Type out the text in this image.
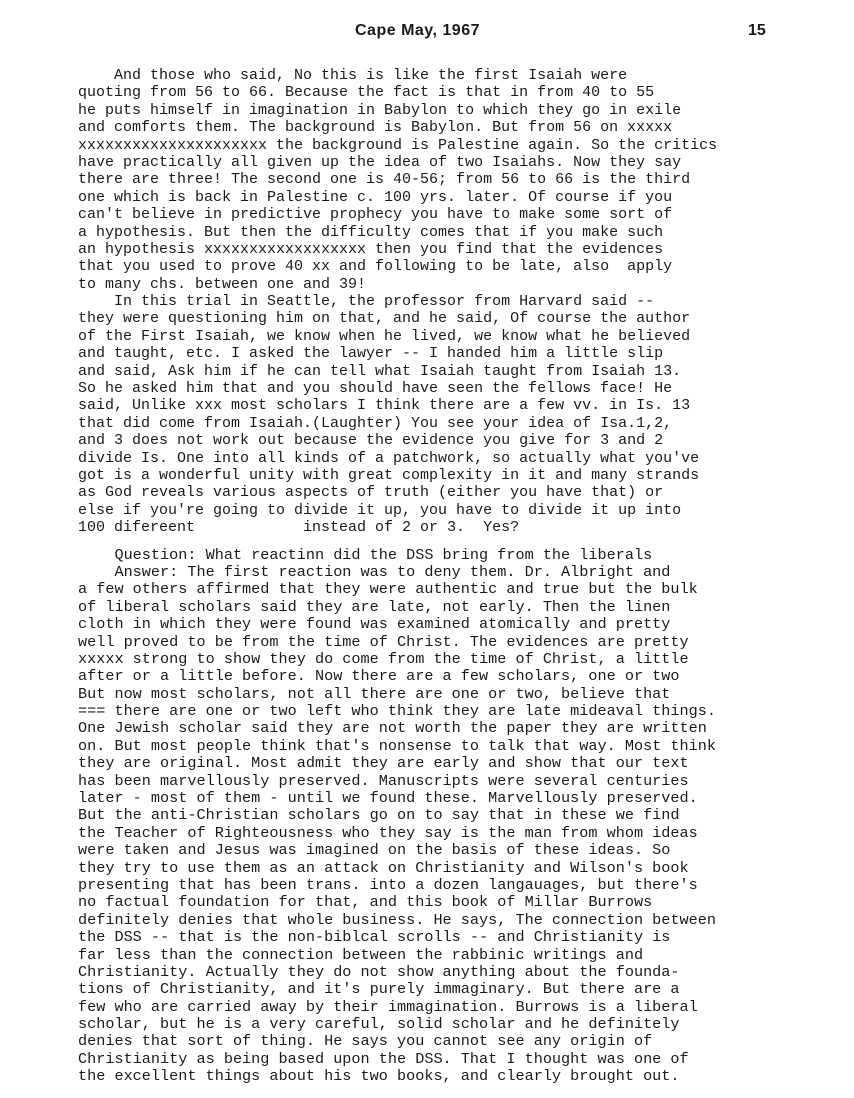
Cape May, 1967	15
And those who said, No this is like the first Isaiah were
quoting from 56 to 66. Because the fact is that in from 40 to 55
he puts himself in imagination in Babylon to which they go in exile
and comforts them. The background is Babylon. But from 56 on xxxxx
xxxxxxxxxxxxxxxxxxxxx the background is Palestine again. So the critics
have practically all given up the idea of two Isaiahs. Now they say
there are three! The second one is 40-56; from 56 to 66 is the third
one which is back in Palestine c. 100 yrs. later. Of course if you
can't believe in predictive prophecy you have to make some sort of
a hypothesis. But then the difficulty comes that if you make such
an hypothesis xxxxxxxxxxxxxxxxxx then you find that the evidences
that you used to prove 40 xx and following to be late, also  apply
to many chs. between one and 39!
In this trial in Seattle, the professor from Harvard said --
they were questioning him on that, and he said, Of course the author
of the First Isaiah, we know when he lived, we know what he believed
and taught, etc. I asked the lawyer -- I handed him a little slip
and said, Ask him if he can tell what Isaiah taught from Isaiah 13.
So he asked him that and you should have seen the fellows face! He
said, Unlike xxx most scholars I think there are a few vv. in Is. 13
that did come from Isaiah.(Laughter) You see your idea of Isa.1,2,
and 3 does not work out because the evidence you give for 3 and 2
divide Is. One into all kinds of a patchwork, so actually what you've
got is a wonderful unity with great complexity in it and many strands
as God reveals various aspects of truth (either you have that) or
else if you're going to divide it up, you have to divide it up into
100 difereent            instead of 2 or 3.  Yes?
Question: What reactinn did the DSS bring from the liberals
Answer: The first reaction was to deny them. Dr. Albright and
a few others affirmed that they were authentic and true but the bulk
of liberal scholars said they are late, not early. Then the linen
cloth in which they were found was examined atomically and pretty
well proved to be from the time of Christ. The evidences are pretty
xxxxx strong to show they do come from the time of Christ, a little
after or a little before. Now there are a few scholars, one or two
But now most scholars, not all there are one or two, believe that
=== there are one or two left who think they are late mideaval things.
One Jewish scholar said they are not worth the paper they are written
on. But most people think that's nonsense to talk that way. Most think
they are original. Most admit they are early and show that our text
has been marvellously preserved. Manuscripts were several centuries
later - most of them - until we found these. Marvellously preserved.
But the anti-Christian scholars go on to say that in these we find
the Teacher of Righteousness who they say is the man from whom ideas
were taken and Jesus was imagined on the basis of these ideas. So
they try to use them as an attack on Christianity and Wilson's book
presenting that has been trans. into a dozen langauages, but there's
no factual foundation for that, and this book of Millar Burrows
definitely denies that whole business. He says, The connection between
the DSS -- that is the non-biblcal scrolls -- and Christianity is
far less than the connection between the rabbinic writings and
Christianity. Actually they do not show anything about the founda-
tions of Christianity, and it's purely immaginary. But there are a
few who are carried away by their immagination. Burrows is a liberal
scholar, but he is a very careful, solid scholar and he definitely
denies that sort of thing. He says you cannot see any origin of
Christianity as being based upon the DSS. That I thought was one of
the excellent things about his two books, and clearly brought out.
